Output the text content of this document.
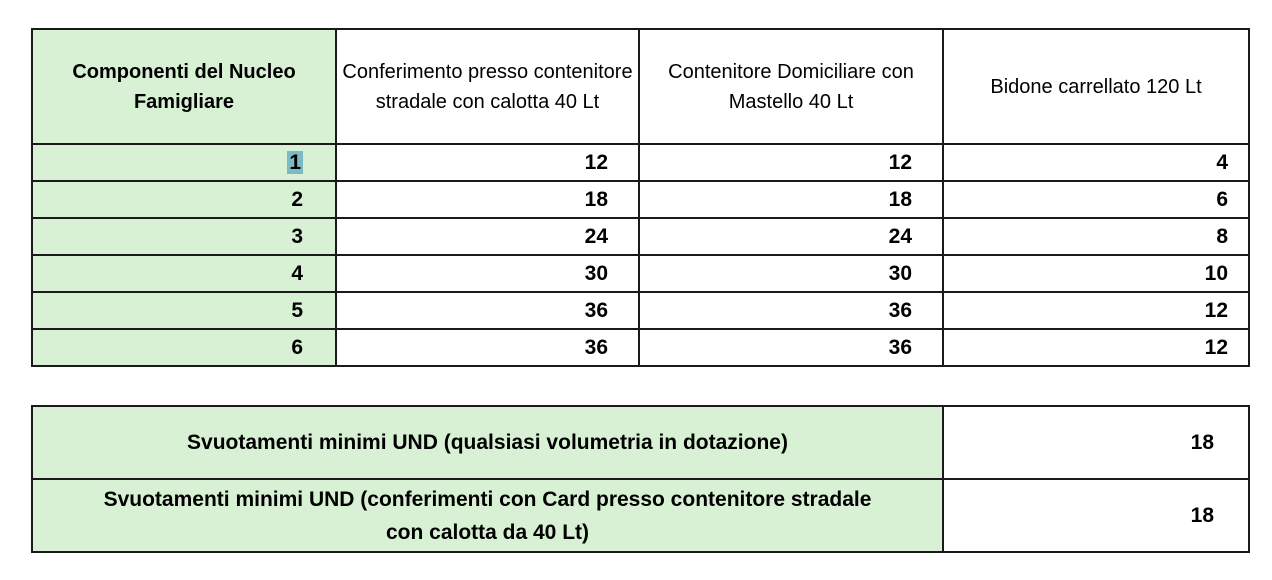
Componenti del Nucleo Famigliare	Conferimento presso contenitore stradale con calotta 40 Lt	Contenitore Domiciliare con Mastello 40 Lt	Bidone carrellato 120 Lt
1	12	12	4
2	18	18	6
3	24	24	8
4	30	30	10
5	36	36	12
6	36	36	12
Svuotamenti minimi UND (qualsiasi volumetria in dotazione)	18
Svuotamenti minimi UND (conferimenti con Card presso contenitore stradale con calotta da 40 Lt)	18
